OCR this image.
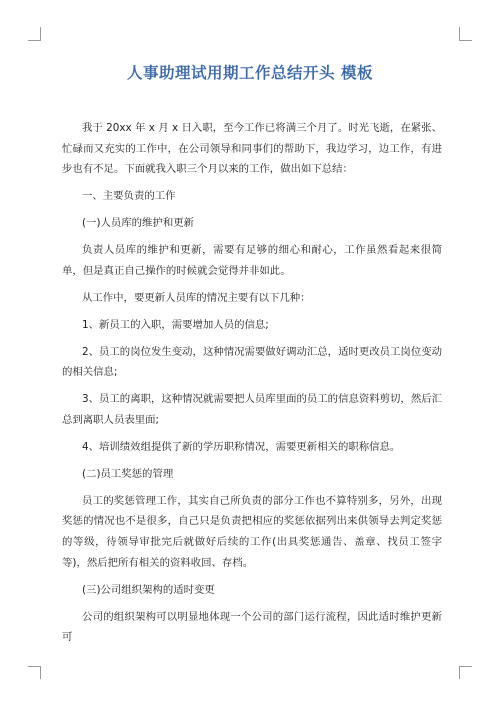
人事助理试用期工作总结开头 模板

我于 20xx 年 x 月 x 日入职，至今工作已将满三个月了。时光飞逝，在紧张、忙碌而又充实的工作中，在公司领导和同事们的帮助下，我边学习，边工作，有进步也有不足。下面就我入职三个月以来的工作，做出如下总结：

一、主要负责的工作

(一)人员库的维护和更新

负责人员库的维护和更新，需要有足够的细心和耐心，工作虽然看起来很简单，但是真正自己操作的时候就会觉得并非如此。

从工作中，要更新人员库的情况主要有以下几种：

1、新员工的入职，需要增加人员的信息;

2、员工的岗位发生变动，这种情况需要做好调动汇总，适时更改员工岗位变动的相关信息;

3、员工的离职，这种情况就需要把人员库里面的员工的信息资料剪切，然后汇总到离职人员表里面;

4、培训绩效组提供了新的学历职称情况，需要更新相关的职称信息。

(二)员工奖惩的管理

员工的奖惩管理工作，其实自己所负责的部分工作也不算特别多，另外，出现奖惩的情况也不是很多，自己只是负责把相应的奖惩依据列出来供领导去判定奖惩的等级，待领导审批完后就做好后续的工作(出具奖惩通告、盖章、找员工签字等)，然后把所有相关的资料收回、存档。

(三)公司组织架构的适时变更

公司的组织架构可以明显地体现一个公司的部门运行流程，因此适时维护更新可
